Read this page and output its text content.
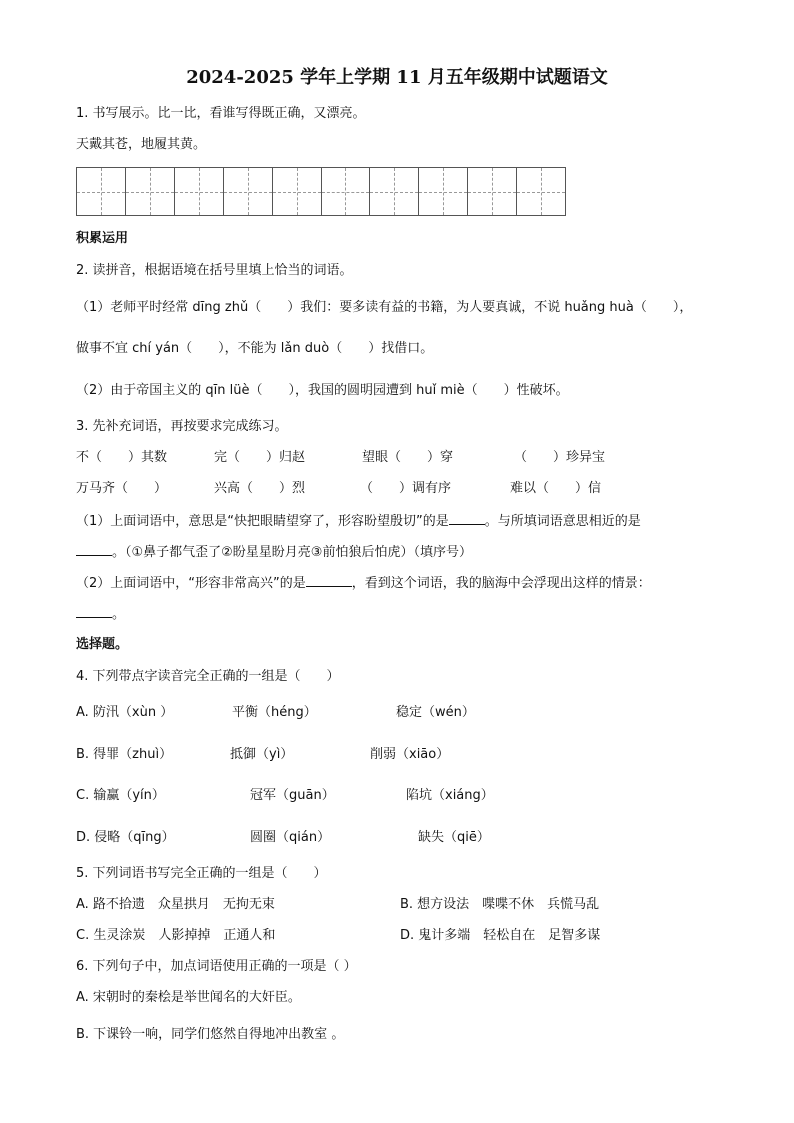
2024-2025 学年上学期 11 月五年级期中试题语文
1. 书写展示。比一比，看谁写得既正确，又漂亮。
天戴其苍，地履其黄。
积累运用
2. 读拼音，根据语境在括号里填上恰当的词语。
（1）老师平时经常 dīng zhǔ（　　）我们：要多读有益的书籍，为人要真诚，不说 huǎng huà（　　），
做事不宜 chí yán（　　），不能为 lǎn duò（　　）找借口。
（2）由于帝国主义的 qīn lüè（　　），我国的圆明园遭到 huǐ miè（　　）性破坏。
3. 先补充词语，再按要求完成练习。
不（　　）其数	完（　　）归赵	望眼（　　）穿	（　　）珍异宝
万马齐（　　）	兴高（　　）烈	（　　）调有序	难以（　　）信
（1）上面词语中，意思是“快把眼睛望穿了，形容盼望殷切”的是	。与所填词语意思相近的是
。（①鼻子都气歪了②盼星星盼月亮③前怕狼后怕虎）（填序号）
（2）上面词语中，“形容非常高兴”的是	，看到这个词语，我的脑海中会浮现出这样的情景：
。
选择题。
4. 下列带点字读音完全正确的一组是（　　）
A. 防汛（xùn ）	平衡（héng）	稳定（wén）
B. 得罪（zhuì）	抵御（yì）	削弱（xiāo）
C. 输赢（yín）	冠军（guān）	陷坑（xiáng）
D. 侵略（qīng）	圆圈（qián）	缺失（qiē）
5. 下列词语书写完全正确的一组是（　　）
A. 路不拾遗　众星拱月　无拘无束	B. 想方设法　喋喋不休　兵慌马乱
C. 生灵涂炭　人影掉掉　正通人和	D. 鬼计多端　轻松自在　足智多谋
6. 下列句子中，加点词语使用正确的一项是（ ）
A. 宋朝时的秦桧是举世闻名的大奸臣。
B. 下课铃一响，同学们悠然自得地冲出教室 。
